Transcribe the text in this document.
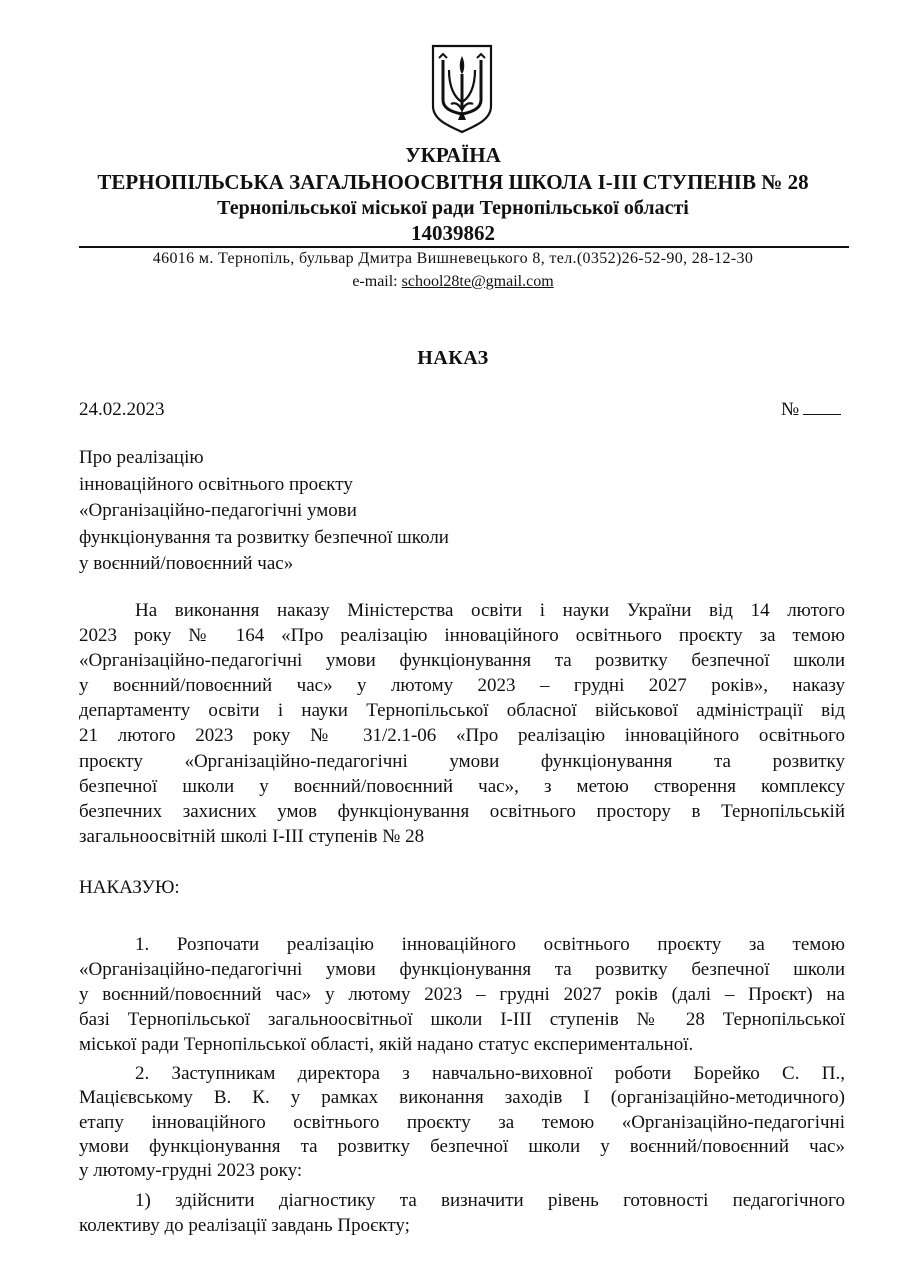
УКРАЇНА
ТЕРНОПІЛЬСЬКА ЗАГАЛЬНООСВІТНЯ ШКОЛА І-ІІІ СТУПЕНІВ № 28
Тернопільської міської ради Тернопільської області
14039862
46016 м. Тернопіль, бульвар Дмитра Вишневецького 8, тел.(0352)26-52-90, 28-12-30
e-mail: school28te@gmail.com
НАКАЗ
24.02.2023	№
Про реалізацію
інноваційного освітнього проєкту
«Організаційно-педагогічні умови
функціонування та розвитку безпечної школи
у воєнний/повоєнний час»
На виконання наказу Міністерства освіти і науки України від 14 лютого
2023 року № 164 «Про реалізацію інноваційного освітнього проєкту за темою
«Організаційно-педагогічні умови функціонування та розвитку безпечної школи
у воєнний/повоєнний час» у лютому 2023 – грудні 2027 років», наказу
департаменту освіти і науки Тернопільської обласної військової адміністрації від
21 лютого 2023 року № 31/2.1-06 «Про реалізацію інноваційного освітнього
проєкту «Організаційно-педагогічні умови функціонування та розвитку
безпечної школи у воєнний/повоєнний час», з метою створення комплексу
безпечних захисних умов функціонування освітнього простору в Тернопільській
загальноосвітній школі І-ІІІ ступенів № 28
НАКАЗУЮ:
1. Розпочати реалізацію інноваційного освітнього проєкту за темою
«Організаційно-педагогічні умови функціонування та розвитку безпечної школи
у воєнний/повоєнний час» у лютому 2023 – грудні 2027 років (далі – Проєкт) на
базі Тернопільської загальноосвітньої школи І-ІІІ ступенів № 28 Тернопільської
міської ради Тернопільської області, якій надано статус експериментальної.
2. Заступникам директора з навчально-виховної роботи Борейко С. П.,
Мацієвському В. К. у рамках виконання заходів І (організаційно-методичного)
етапу інноваційного освітнього проєкту за темою «Організаційно-педагогічні
умови функціонування та розвитку безпечної школи у воєнний/повоєнний час»
у лютому-грудні 2023 року:
1) здійснити діагностику та визначити рівень готовності педагогічного
колективу до реалізації завдань Проєкту;
